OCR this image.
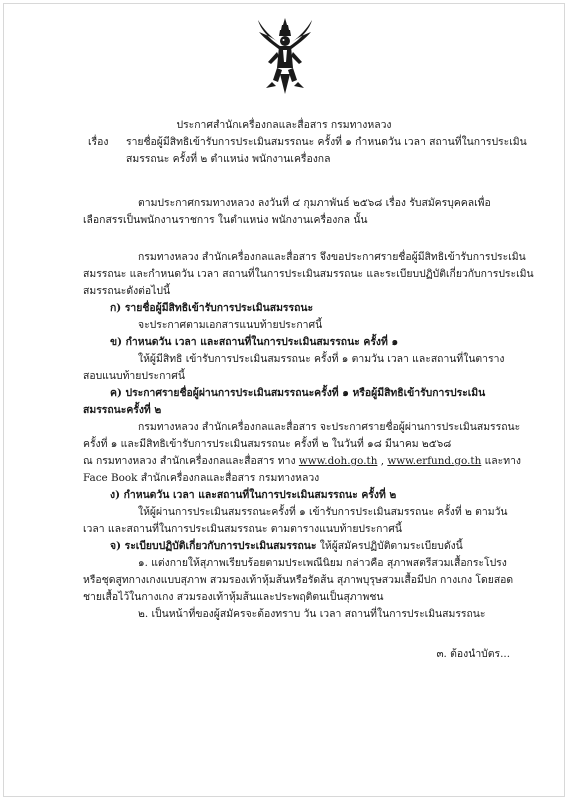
ประกาศสำนักเครื่องกลและสื่อสาร กรมทางหลวง
เรื่อง รายชื่อผู้มีสิทธิเข้ารับการประเมินสมรรถนะ ครั้งที่ ๑ กำหนดวัน เวลา สถานที่ในการประเมิน
สมรรถนะ ครั้งที่ ๒ ตำแหน่ง พนักงานเครื่องกล
ตามประกาศกรมทางหลวง ลงวันที่ ๔ กุมภาพันธ์ ๒๕๖๘ เรื่อง รับสมัครบุคคลเพื่อ
เลือกสรรเป็นพนักงานราชการ ในตำแหน่ง พนักงานเครื่องกล นั้น
กรมทางหลวง สำนักเครื่องกลและสื่อสาร จึงขอประกาศรายชื่อผู้มีสิทธิเข้ารับการประเมิน
สมรรถนะ และกำหนดวัน เวลา สถานที่ในการประเมินสมรรถนะ และระเบียบปฏิบัติเกี่ยวกับการประเมิน
สมรรถนะดังต่อไปนี้
ก) รายชื่อผู้มีสิทธิเข้ารับการประเมินสมรรถนะ
จะประกาศตามเอกสารแนบท้ายประกาศนี้
ข) กำหนดวัน เวลา และสถานที่ในการประเมินสมรรถนะ ครั้งที่ ๑
ให้ผู้มีสิทธิ เข้ารับการประเมินสมรรถนะ ครั้งที่ ๑ ตามวัน เวลา และสถานที่ในตาราง
สอบแนบท้ายประกาศนี้
ค) ประกาศรายชื่อผู้ผ่านการประเมินสมรรถนะครั้งที่ ๑ หรือผู้มีสิทธิเข้ารับการประเมิน
สมรรถนะครั้งที่ ๒
กรมทางหลวง สำนักเครื่องกลและสื่อสาร จะประกาศรายชื่อผู้ผ่านการประเมินสมรรถนะ
ครั้งที่ ๑ และมีสิทธิเข้ารับการประเมินสมรรถนะ ครั้งที่ ๒ ในวันที่ ๑๘ มีนาคม ๒๕๖๘
ณ กรมทางหลวง สำนักเครื่องกลและสื่อสาร ทาง www.doh.go.th , www.erfund.go.th และทาง
Face Book สำนักเครื่องกลและสื่อสาร กรมทางหลวง
ง) กำหนดวัน เวลา และสถานที่ในการประเมินสมรรถนะ ครั้งที่ ๒
ให้ผู้ผ่านการประเมินสมรรถนะครั้งที่ ๑ เข้ารับการประเมินสมรรถนะ ครั้งที่ ๒ ตามวัน
เวลา และสถานที่ในการประเมินสมรรถนะ ตามตารางแนบท้ายประกาศนี้
จ) ระเบียบปฏิบัติเกี่ยวกับการประเมินสมรรถนะ ให้ผู้สมัครปฏิบัติตามระเบียบดังนี้
๑. แต่งกายให้สุภาพเรียบร้อยตามประเพณีนิยม กล่าวคือ สุภาพสตรีสวมเสื้อกระโปรง
หรือชุดสูทกางเกงแบบสุภาพ สวมรองเท้าหุ้มส้นหรือรัดส้น สุภาพบุรุษสวมเสื้อมีปก กางเกง โดยสอด
ชายเสื้อไว้ในกางเกง สวมรองเท้าหุ้มส้นและประพฤติตนเป็นสุภาพชน
๒. เป็นหน้าที่ของผู้สมัครจะต้องทราบ วัน เวลา สถานที่ในการประเมินสมรรถนะ
๓. ต้องนำบัตร...
